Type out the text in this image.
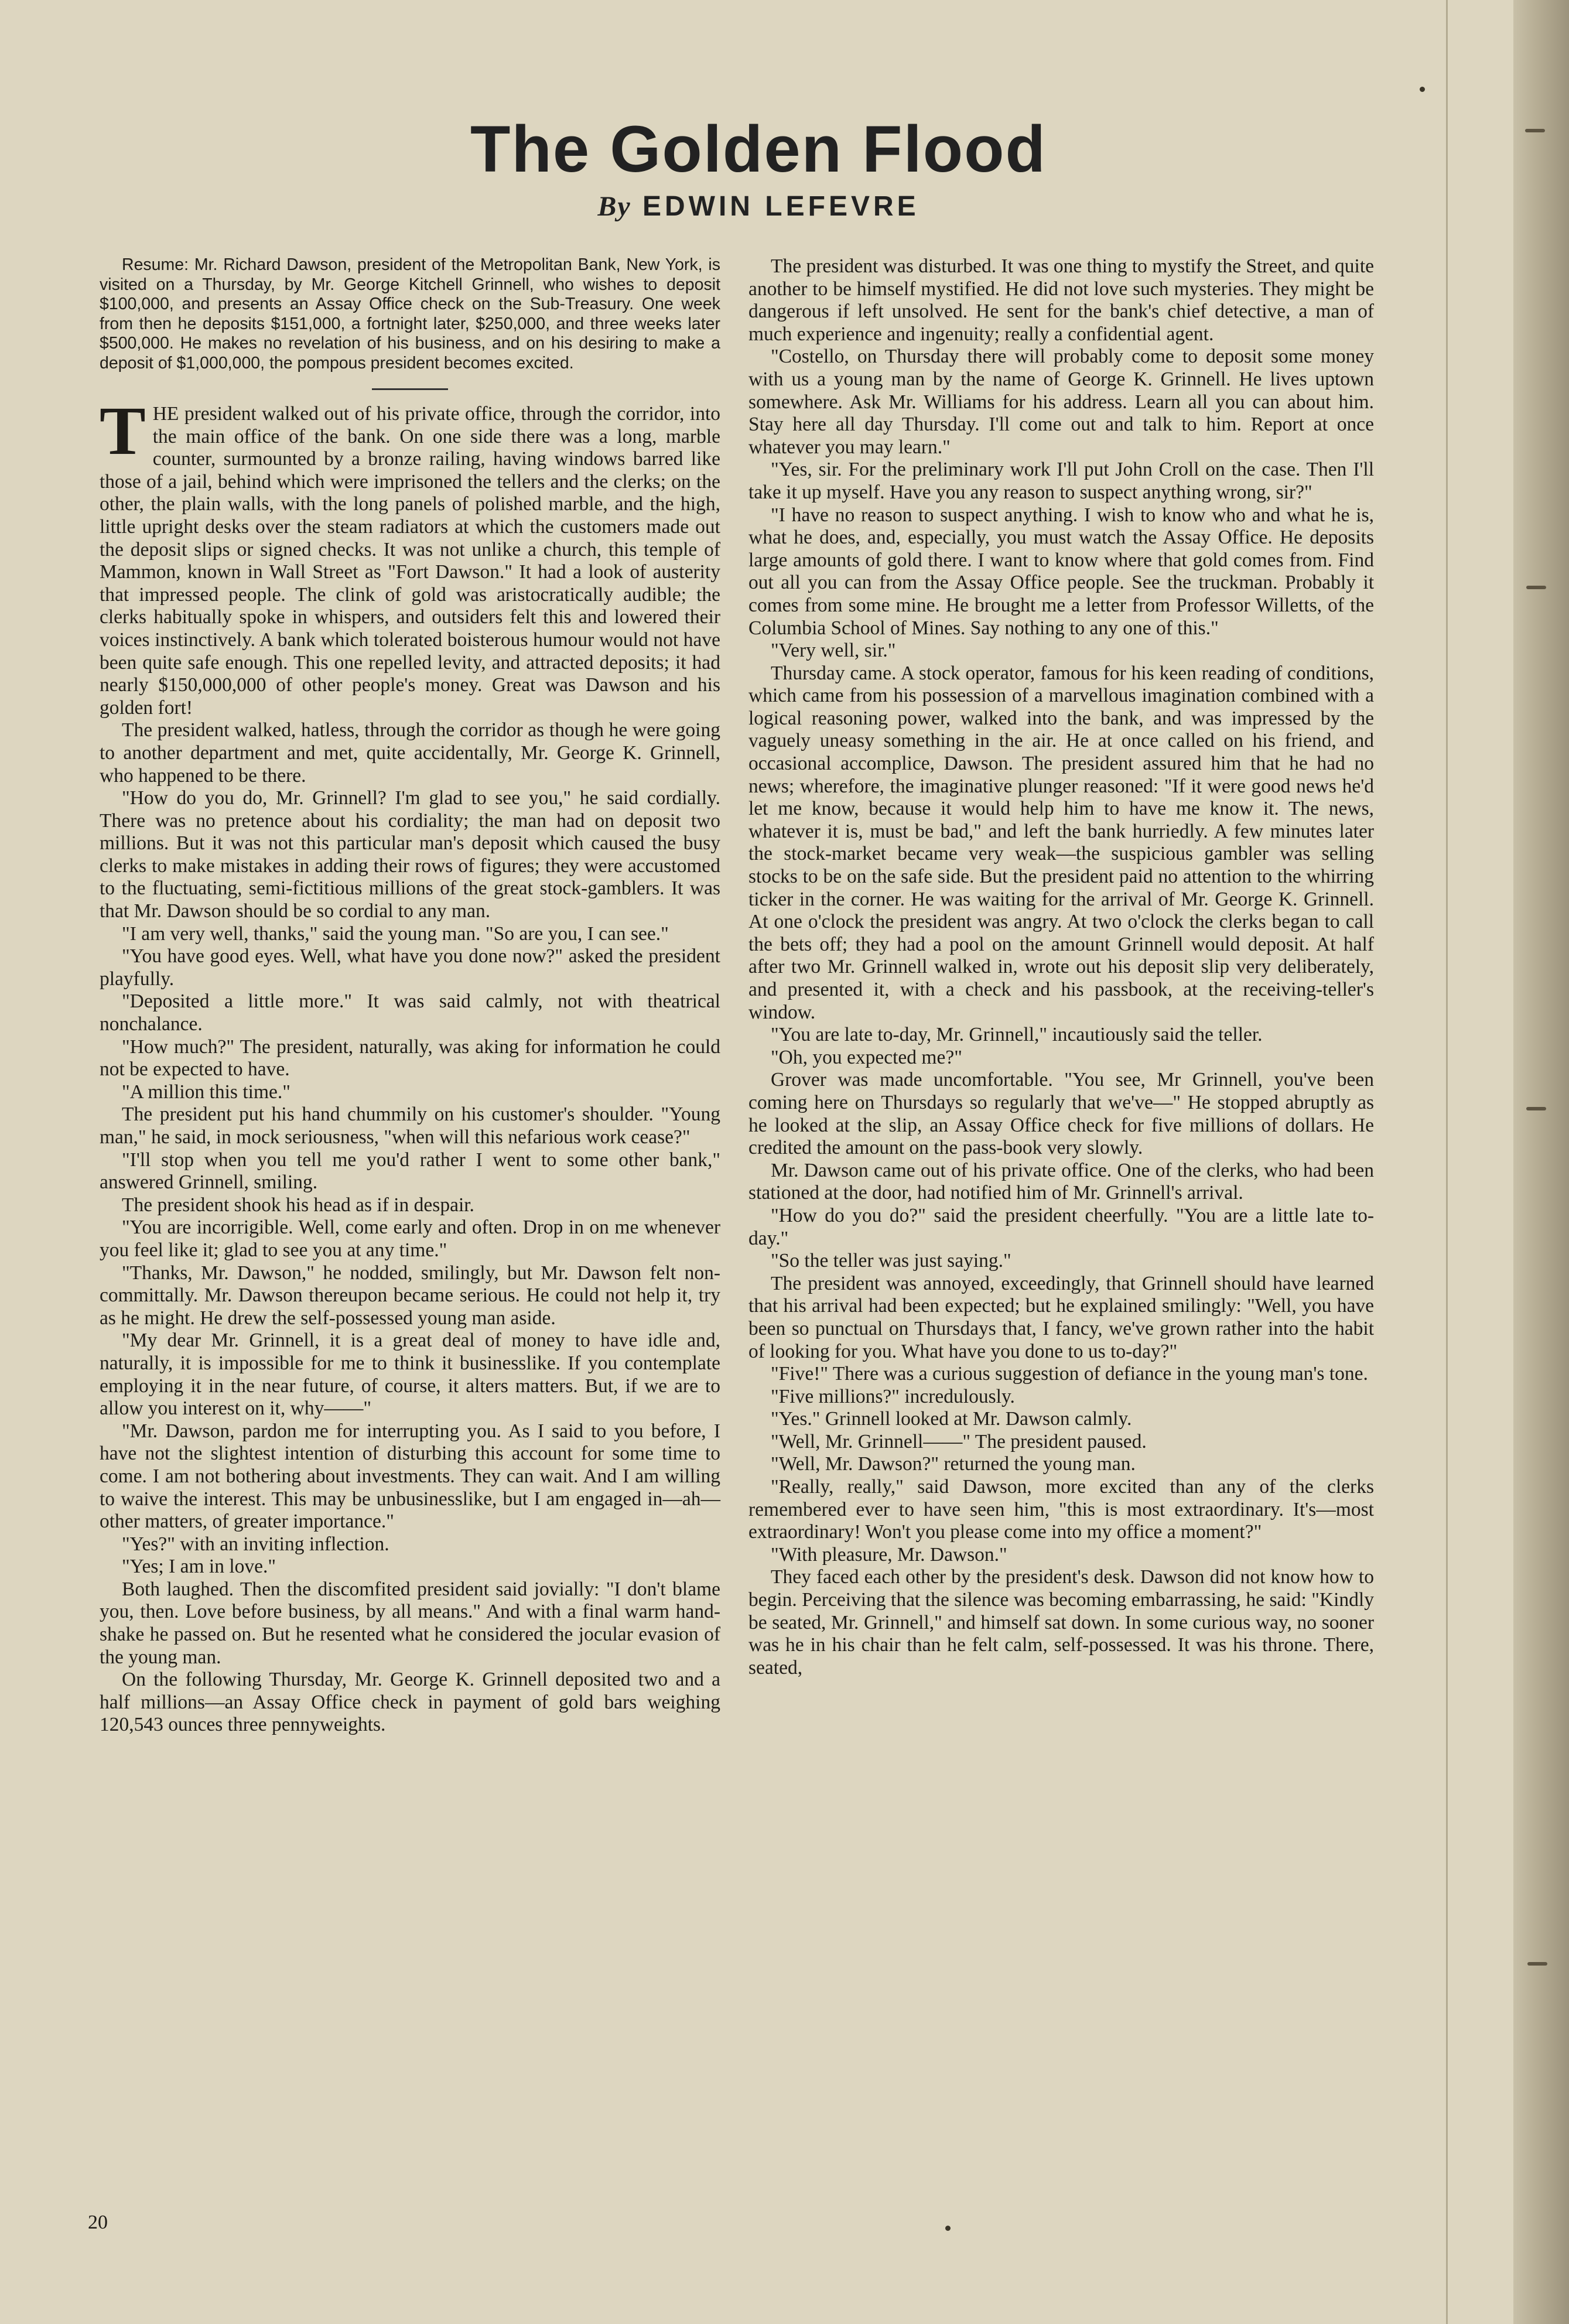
The Golden Flood
By EDWIN LEFEVRE

Resume: Mr. Richard Dawson, president of the Metropolitan Bank, New York, is visited on a Thursday, by Mr. George Kitchell Grinnell, who wishes to deposit $100,000, and presents an Assay Office check on the Sub-Treasury. One week from then he deposits $151,000, a fortnight later, $250,000, and three weeks later $500,000. He makes no revelation of his business, and on his desiring to make a deposit of $1,000,000, the pompous president becomes excited.

THE president walked out of his private office, through the corridor, into the main office of the bank. On one side there was a long, marble counter, surmounted by a bronze railing, having windows barred like those of a jail, behind which were imprisoned the tellers and the clerks; on the other, the plain walls, with the long panels of polished marble, and the high, little upright desks over the steam radiators at which the customers made out the deposit slips or signed checks. It was not unlike a church, this temple of Mammon, known in Wall Street as "Fort Dawson." It had a look of austerity that impressed people. The clink of gold was aristocratically audible; the clerks habitually spoke in whispers, and outsiders felt this and lowered their voices instinctively. A bank which tolerated boisterous humour would not have been quite safe enough. This one repelled levity, and attracted deposits; it had nearly $150,000,000 of other people's money. Great was Dawson and his golden fort!

The president walked, hatless, through the corridor as though he were going to another department and met, quite accidentally, Mr. George K. Grinnell, who happened to be there.

"How do you do, Mr. Grinnell? I'm glad to see you," he said cordially. There was no pretence about his cordiality; the man had on deposit two millions. But it was not this particular man's deposit which caused the busy clerks to make mistakes in adding their rows of figures; they were accustomed to the fluctuating, semi-fictitious millions of the great stock-gamblers. It was that Mr. Dawson should be so cordial to any man.

"I am very well, thanks," said the young man. "So are you, I can see."

"You have good eyes. Well, what have you done now?" asked the president playfully.

"Deposited a little more." It was said calmly, not with theatrical nonchalance.

"How much?" The president, naturally, was aking for information he could not be expected to have.

"A million this time."

The president put his hand chummily on his customer's shoulder. "Young man," he said, in mock seriousness, "when will this nefarious work cease?"

"I'll stop when you tell me you'd rather I went to some other bank," answered Grinnell, smiling.

The president shook his head as if in despair.

"You are incorrigible. Well, come early and often. Drop in on me whenever you feel like it; glad to see you at any time."

"Thanks, Mr. Dawson," he nodded, smilingly, but Mr. Dawson felt non-committally. Mr. Dawson thereupon became serious. He could not help it, try as he might. He drew the self-possessed young man aside.

"My dear Mr. Grinnell, it is a great deal of money to have idle and, naturally, it is impossible for me to think it businesslike. If you contemplate employing it in the near future, of course, it alters matters. But, if we are to allow you interest on it, why——"

"Mr. Dawson, pardon me for interrupting you. As I said to you before, I have not the slightest intention of disturbing this account for some time to come. I am not bothering about investments. They can wait. And I am willing to waive the interest. This may be unbusinesslike, but I am engaged in—ah—other matters, of greater importance."

"Yes?" with an inviting inflection.

"Yes; I am in love."

Both laughed. Then the discomfited president said jovially: "I don't blame you, then. Love before business, by all means." And with a final warm hand-shake he passed on. But he resented what he considered the jocular evasion of the young man.

On the following Thursday, Mr. George K. Grinnell deposited two and a half millions—an Assay Office check in payment of gold bars weighing 120,543 ounces three pennyweights.

The president was disturbed. It was one thing to mystify the Street, and quite another to be himself mystified. He did not love such mysteries. They might be dangerous if left unsolved. He sent for the bank's chief detective, a man of much experience and ingenuity; really a confidential agent.

"Costello, on Thursday there will probably come to deposit some money with us a young man by the name of George K. Grinnell. He lives uptown somewhere. Ask Mr. Williams for his address. Learn all you can about him. Stay here all day Thursday. I'll come out and talk to him. Report at once whatever you may learn."

"Yes, sir. For the preliminary work I'll put John Croll on the case. Then I'll take it up myself. Have you any reason to suspect anything wrong, sir?"

"I have no reason to suspect anything. I wish to know who and what he is, what he does, and, especially, you must watch the Assay Office. He deposits large amounts of gold there. I want to know where that gold comes from. Find out all you can from the Assay Office people. See the truckman. Probably it comes from some mine. He brought me a letter from Professor Willetts, of the Columbia School of Mines. Say nothing to any one of this."

"Very well, sir."

Thursday came. A stock operator, famous for his keen reading of conditions, which came from his possession of a marvellous imagination combined with a logical reasoning power, walked into the bank, and was impressed by the vaguely uneasy something in the air. He at once called on his friend, and occasional accomplice, Dawson. The president assured him that he had no news; wherefore, the imaginative plunger reasoned: "If it were good news he'd let me know, because it would help him to have me know it. The news, whatever it is, must be bad," and left the bank hurriedly. A few minutes later the stock-market became very weak—the suspicious gambler was selling stocks to be on the safe side. But the president paid no attention to the whirring ticker in the corner. He was waiting for the arrival of Mr. George K. Grinnell. At one o'clock the president was angry. At two o'clock the clerks began to call the bets off; they had a pool on the amount Grinnell would deposit. At half after two Mr. Grinnell walked in, wrote out his deposit slip very deliberately, and presented it, with a check and his passbook, at the receiving-teller's window.

"You are late to-day, Mr. Grinnell," incautiously said the teller.

"Oh, you expected me?"

Grover was made uncomfortable. "You see, Mr Grinnell, you've been coming here on Thursdays so regularly that we've—" He stopped abruptly as he looked at the slip, an Assay Office check for five millions of dollars. He credited the amount on the pass-book very slowly.

Mr. Dawson came out of his private office. One of the clerks, who had been stationed at the door, had notified him of Mr. Grinnell's arrival.

"How do you do?" said the president cheerfully. "You are a little late to-day."

"So the teller was just saying."

The president was annoyed, exceedingly, that Grinnell should have learned that his arrival had been expected; but he explained smilingly: "Well, you have been so punctual on Thursdays that, I fancy, we've grown rather into the habit of looking for you. What have you done to us to-day?"

"Five!" There was a curious suggestion of defiance in the young man's tone.

"Five millions?" incredulously.

"Yes." Grinnell looked at Mr. Dawson calmly.

"Well, Mr. Grinnell——" The president paused.

"Well, Mr. Dawson?" returned the young man.

"Really, really," said Dawson, more excited than any of the clerks remembered ever to have seen him, "this is most extraordinary. It's—most extraordinary! Won't you please come into my office a moment?"

"With pleasure, Mr. Dawson."

They faced each other by the president's desk. Dawson did not know how to begin. Perceiving that the silence was becoming embarrassing, he said: "Kindly be seated, Mr. Grinnell," and himself sat down. In some curious way, no sooner was he in his chair than he felt calm, self-possessed. It was his throne. There, seated,

20
